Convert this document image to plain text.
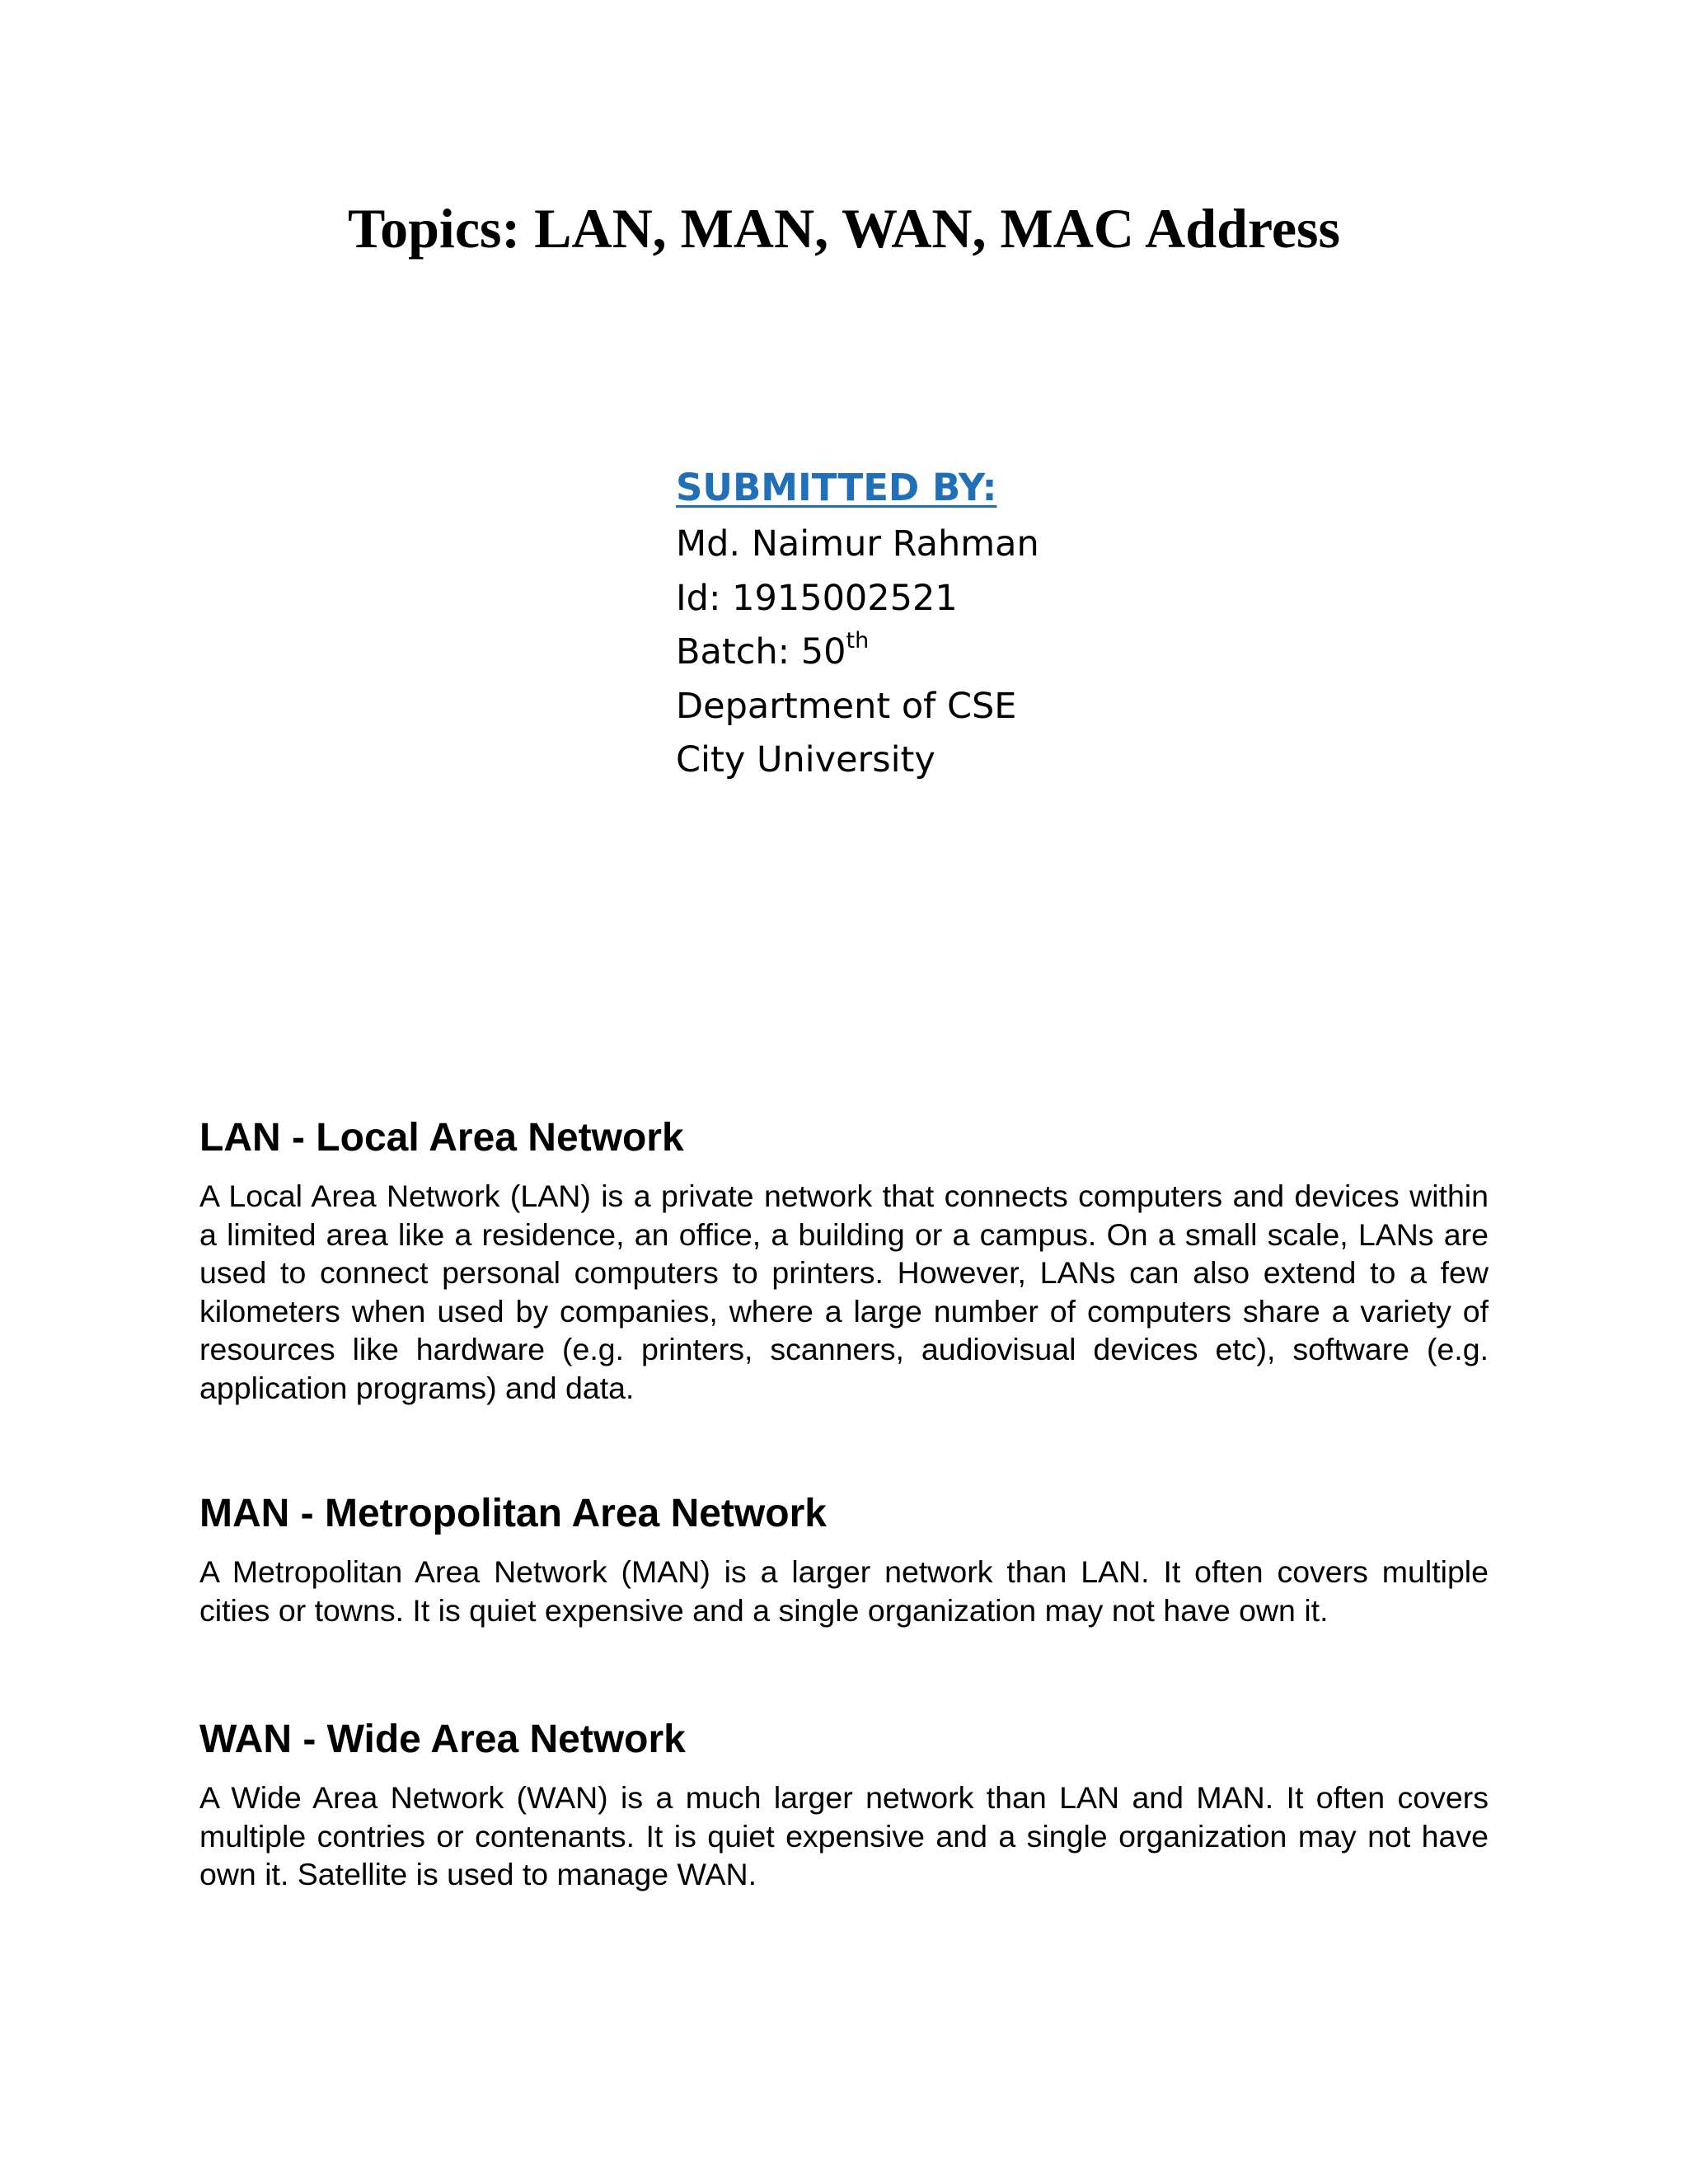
Topics: LAN, MAN, WAN, MAC Address
SUBMITTED BY:
Md. Naimur Rahman
Id: 1915002521
Batch: 50th
Department of CSE
City University
LAN - Local Area Network

A Local Area Network (LAN) is a private network that connects computers and devices within a limited area like a residence, an office, a building or a campus. On a small scale, LANs are used to connect personal computers to printers. However, LANs can also extend to a few kilometers when used by companies, where a large number of computers share a variety of resources like hardware (e.g. printers, scanners, audiovisual devices etc), software (e.g. application programs) and data.

MAN - Metropolitan Area Network

A Metropolitan Area Network (MAN) is a larger network than LAN. It often covers multiple cities or towns. It is quiet expensive and a single organization may not have own it.

WAN - Wide Area Network

A Wide Area Network (WAN) is a much larger network than LAN and MAN. It often covers multiple contries or contenants. It is quiet expensive and a single organization may not have own it. Satellite is used to manage WAN.
